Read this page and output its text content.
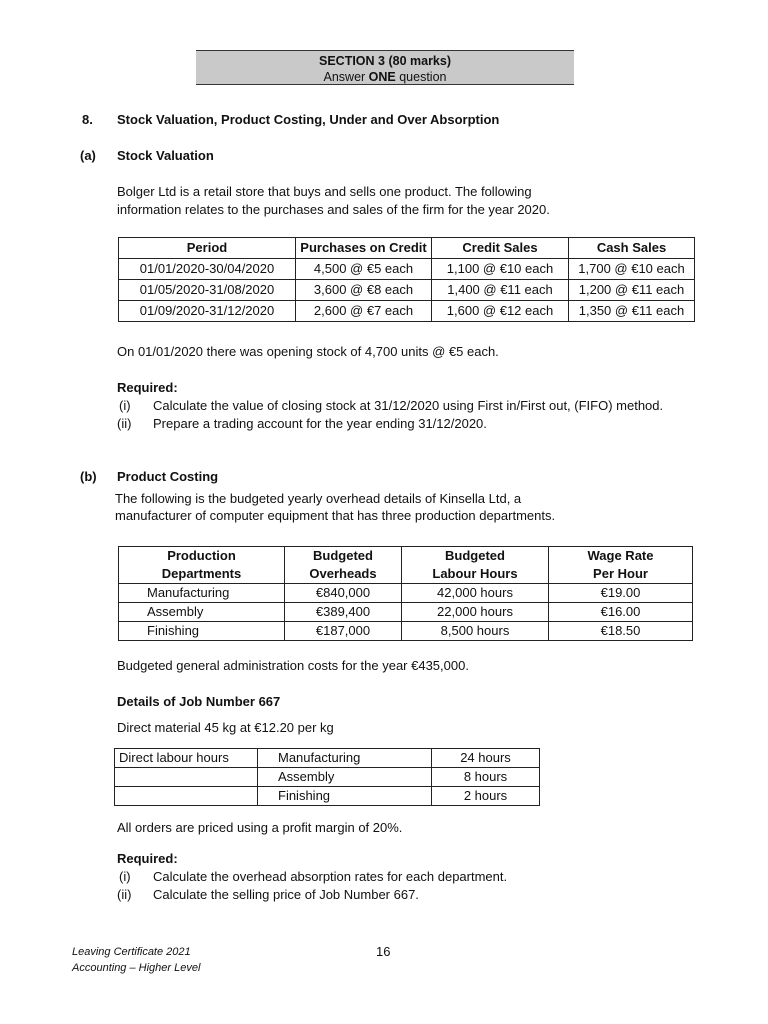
SECTION 3 (80 marks)
Answer ONE question
8. Stock Valuation, Product Costing, Under and Over Absorption
(a) Stock Valuation
Bolger Ltd is a retail store that buys and sells one product. The following
information relates to the purchases and sales of the firm for the year 2020.
Period	Purchases on Credit	Credit Sales	Cash Sales
01/01/2020-30/04/2020	4,500 @ €5 each	1,100 @ €10 each	1,700 @ €10 each
01/05/2020-31/08/2020	3,600 @ €8 each	1,400 @ €11 each	1,200 @ €11 each
01/09/2020-31/12/2020	2,600 @ €7 each	1,600 @ €12 each	1,350 @ €11 each
On 01/01/2020 there was opening stock of 4,700 units @ €5 each.
Required:
(i) Calculate the value of closing stock at 31/12/2020 using First in/First out, (FIFO) method.
(ii) Prepare a trading account for the year ending 31/12/2020.
(b) Product Costing
The following is the budgeted yearly overhead details of Kinsella Ltd, a
manufacturer of computer equipment that has three production departments.
Production	Budgeted	Budgeted	Wage Rate
Departments	Overheads	Labour Hours	Per Hour
Manufacturing	€840,000	42,000 hours	€19.00
Assembly	€389,400	22,000 hours	€16.00
Finishing	€187,000	8,500 hours	€18.50
Budgeted general administration costs for the year €435,000.
Details of Job Number 667
Direct material 45 kg at €12.20 per kg
Direct labour hours	Manufacturing	24 hours
	Assembly	8 hours
	Finishing	2 hours
All orders are priced using a profit margin of 20%.
Required:
(i) Calculate the overhead absorption rates for each department.
(ii) Calculate the selling price of Job Number 667.
Leaving Certificate 2021
Accounting – Higher Level
16
